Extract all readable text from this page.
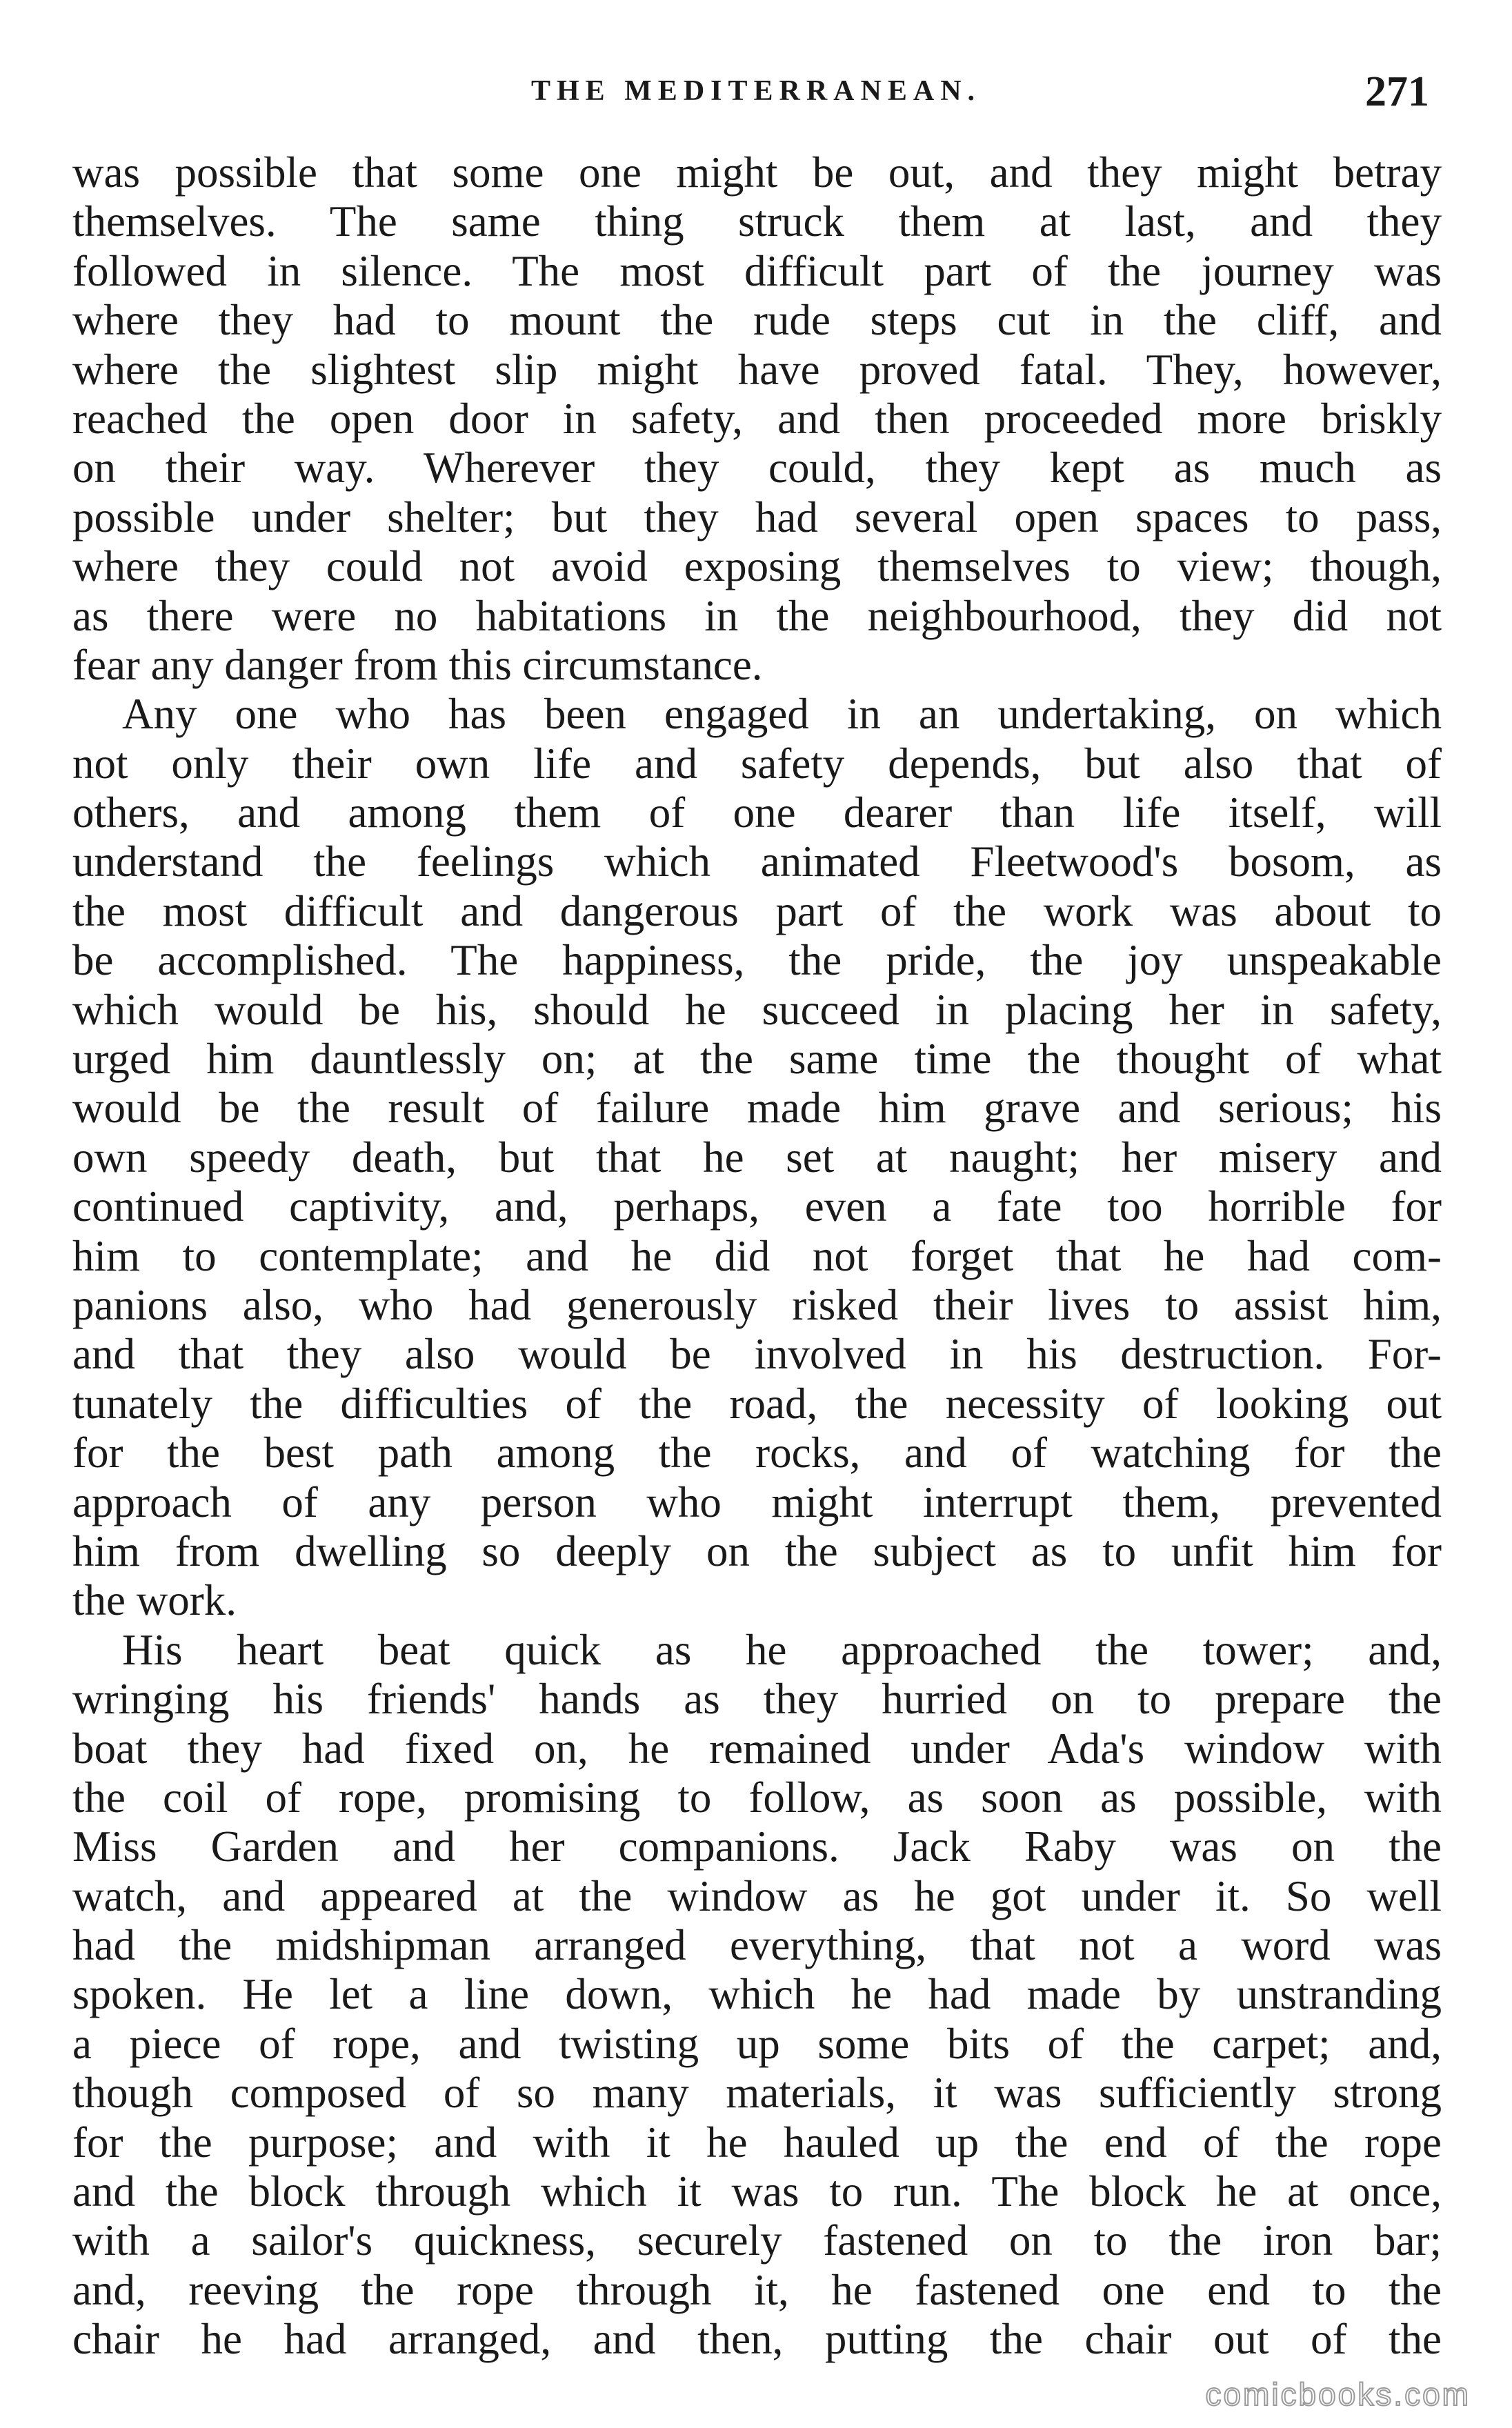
THE MEDITERRANEAN.	271
was possible that some one might be out, and they might betray
themselves. The same thing struck them at last, and they
followed in silence. The most difficult part of the journey was
where they had to mount the rude steps cut in the cliff, and
where the slightest slip might have proved fatal. They, however,
reached the open door in safety, and then proceeded more briskly
on their way. Wherever they could, they kept as much as
possible under shelter; but they had several open spaces to pass,
where they could not avoid exposing themselves to view; though,
as there were no habitations in the neighbourhood, they did not
fear any danger from this circumstance.
Any one who has been engaged in an undertaking, on which
not only their own life and safety depends, but also that of
others, and among them of one dearer than life itself, will
understand the feelings which animated Fleetwood's bosom, as
the most difficult and dangerous part of the work was about to
be accomplished. The happiness, the pride, the joy unspeakable
which would be his, should he succeed in placing her in safety,
urged him dauntlessly on; at the same time the thought of what
would be the result of failure made him grave and serious; his
own speedy death, but that he set at naught; her misery and
continued captivity, and, perhaps, even a fate too horrible for
him to contemplate; and he did not forget that he had com-
panions also, who had generously risked their lives to assist him,
and that they also would be involved in his destruction. For-
tunately the difficulties of the road, the necessity of looking out
for the best path among the rocks, and of watching for the
approach of any person who might interrupt them, prevented
him from dwelling so deeply on the subject as to unfit him for
the work.
His heart beat quick as he approached the tower; and,
wringing his friends' hands as they hurried on to prepare the
boat they had fixed on, he remained under Ada's window with
the coil of rope, promising to follow, as soon as possible, with
Miss Garden and her companions. Jack Raby was on the
watch, and appeared at the window as he got under it. So well
had the midshipman arranged everything, that not a word was
spoken. He let a line down, which he had made by unstranding
a piece of rope, and twisting up some bits of the carpet; and,
though composed of so many materials, it was sufficiently strong
for the purpose; and with it he hauled up the end of the rope
and the block through which it was to run. The block he at once,
with a sailor's quickness, securely fastened on to the iron bar;
and, reeving the rope through it, he fastened one end to the
chair he had arranged, and then, putting the chair out of the
comicbooks.com
